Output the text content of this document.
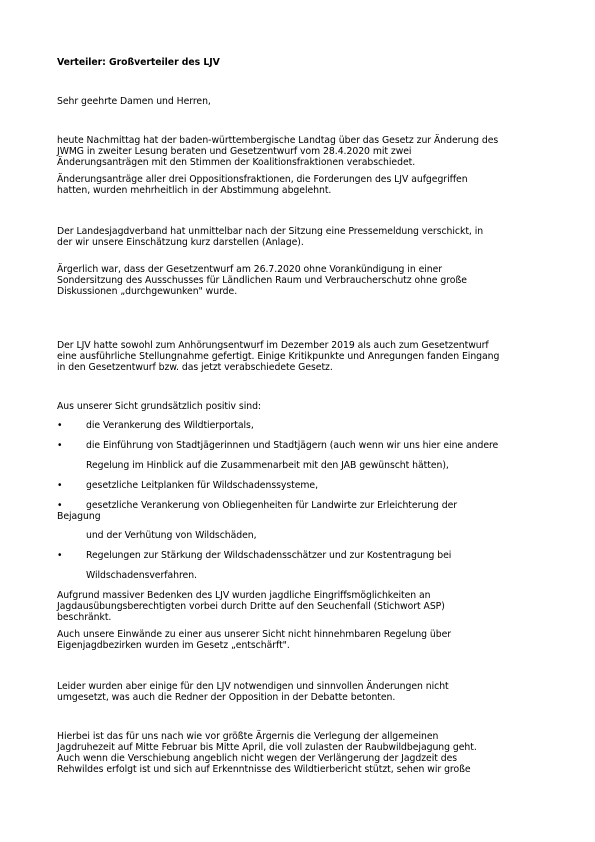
Verteiler: Großverteiler des LJV
Sehr geehrte Damen und Herren,
heute Nachmittag hat der baden-württembergische Landtag über das Gesetz zur Änderung des
JWMG in zweiter Lesung beraten und Gesetzentwurf vom 28.4.2020 mit zwei
Änderungsanträgen mit den Stimmen der Koalitionsfraktionen verabschiedet.
Änderungsanträge aller drei Oppositionsfraktionen, die Forderungen des LJV aufgegriffen
hatten, wurden mehrheitlich in der Abstimmung abgelehnt.
Der Landesjagdverband hat unmittelbar nach der Sitzung eine Pressemeldung verschickt, in
der wir unsere Einschätzung kurz darstellen (Anlage).
Ärgerlich war, dass der Gesetzentwurf am 26.7.2020 ohne Vorankündigung in einer
Sondersitzung des Ausschusses für Ländlichen Raum und Verbraucherschutz ohne große
Diskussionen „durchgewunken" wurde.
Der LJV hatte sowohl zum Anhörungsentwurf im Dezember 2019 als auch zum Gesetzentwurf
eine ausführliche Stellungnahme gefertigt. Einige Kritikpunkte und Anregungen fanden Eingang
in den Gesetzentwurf bzw. das jetzt verabschiedete Gesetz.
Aus unserer Sicht grundsätzlich positiv sind:
•	die Verankerung des Wildtierportals,
•	die Einführung von Stadtjägerinnen und Stadtjägern (auch wenn wir uns hier eine andere
Regelung im Hinblick auf die Zusammenarbeit mit den JAB gewünscht hätten),
•	gesetzliche Leitplanken für Wildschadenssysteme,
•	gesetzliche Verankerung von Obliegenheiten für Landwirte zur Erleichterung der
Bejagung
und der Verhütung von Wildschäden,
•	Regelungen zur Stärkung der Wildschadensschätzer und zur Kostentragung bei
Wildschadensverfahren.
Aufgrund massiver Bedenken des LJV wurden jagdliche Eingriffsmöglichkeiten an
Jagdausübungsberechtigten vorbei durch Dritte auf den Seuchenfall (Stichwort ASP)
beschränkt.
Auch unsere Einwände zu einer aus unserer Sicht nicht hinnehmbaren Regelung über
Eigenjagdbezirken wurden im Gesetz „entschärft".
Leider wurden aber einige für den LJV notwendigen und sinnvollen Änderungen nicht
umgesetzt, was auch die Redner der Opposition in der Debatte betonten.
Hierbei ist das für uns nach wie vor größte Ärgernis die Verlegung der allgemeinen
Jagdruhezeit auf Mitte Februar bis Mitte April, die voll zulasten der Raubwildbejagung geht.
Auch wenn die Verschiebung angeblich nicht wegen der Verlängerung der Jagdzeit des
Rehwildes erfolgt ist und sich auf Erkenntnisse des Wildtierbericht stützt, sehen wir große
